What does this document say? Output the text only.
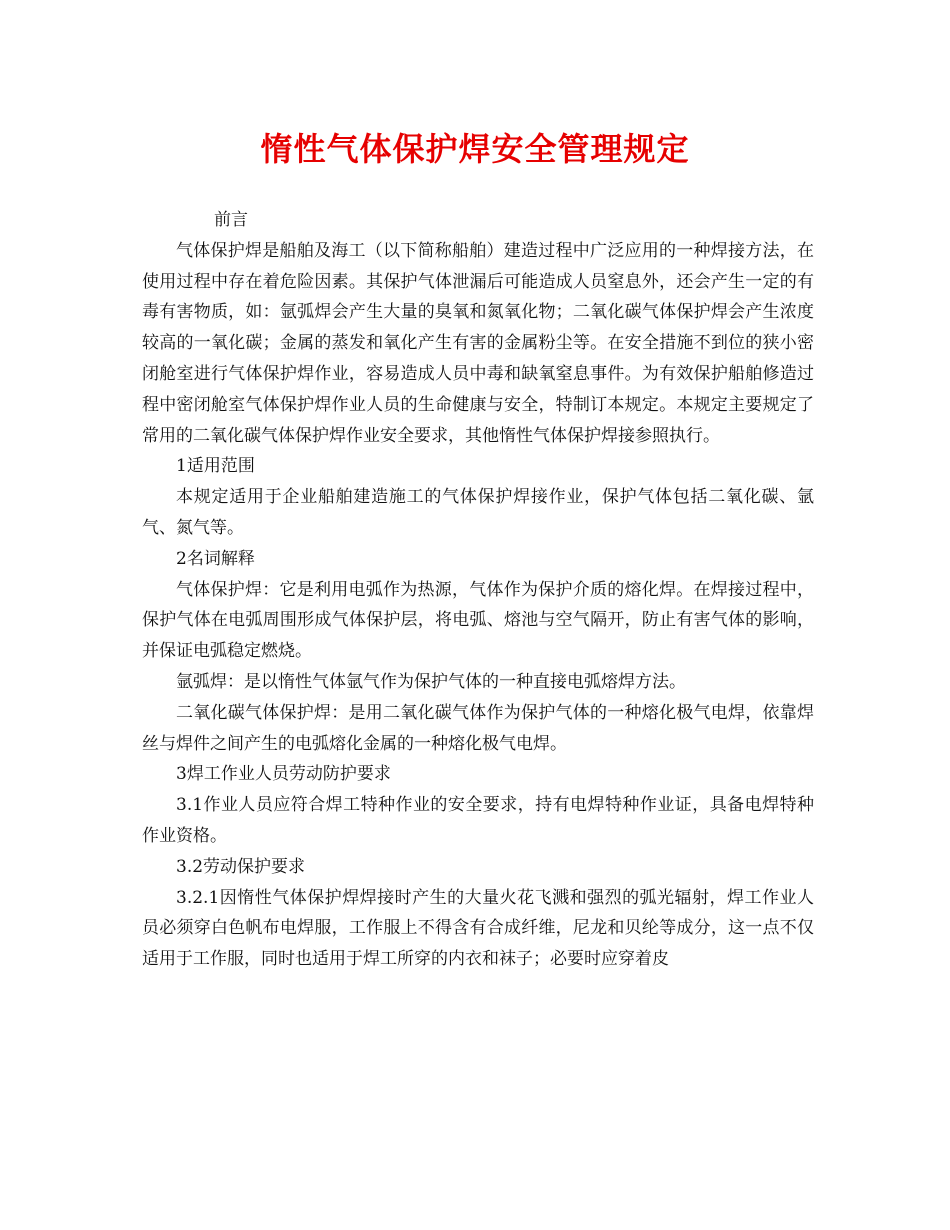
惰性气体保护焊安全管理规定

前言

气体保护焊是船舶及海工（以下简称船舶）建造过程中广泛应用的一种焊接方法，在使用过程中存在着危险因素。其保护气体泄漏后可能造成人员窒息外，还会产生一定的有毒有害物质，如：氩弧焊会产生大量的臭氧和氮氧化物；二氧化碳气体保护焊会产生浓度较高的一氧化碳；金属的蒸发和氧化产生有害的金属粉尘等。在安全措施不到位的狭小密闭舱室进行气体保护焊作业，容易造成人员中毒和缺氧窒息事件。为有效保护船舶修造过程中密闭舱室气体保护焊作业人员的生命健康与安全，特制订本规定。本规定主要规定了常用的二氧化碳气体保护焊作业安全要求，其他惰性气体保护焊接参照执行。

1适用范围

本规定适用于企业船舶建造施工的气体保护焊接作业，保护气体包括二氧化碳、氩气、氮气等。

2名词解释

气体保护焊：它是利用电弧作为热源，气体作为保护介质的熔化焊。在焊接过程中，保护气体在电弧周围形成气体保护层，将电弧、熔池与空气隔开，防止有害气体的影响，并保证电弧稳定燃烧。

氩弧焊：是以惰性气体氩气作为保护气体的一种直接电弧熔焊方法。

二氧化碳气体保护焊：是用二氧化碳气体作为保护气体的一种熔化极气电焊，依靠焊丝与焊件之间产生的电弧熔化金属的一种熔化极气电焊。

3焊工作业人员劳动防护要求

3.1作业人员应符合焊工特种作业的安全要求，持有电焊特种作业证，具备电焊特种作业资格。

3.2劳动保护要求

3.2.1因惰性气体保护焊焊接时产生的大量火花飞溅和强烈的弧光辐射，焊工作业人员必须穿白色帆布电焊服，工作服上不得含有合成纤维，尼龙和贝纶等成分，这一点不仅适用于工作服，同时也适用于焊工所穿的内衣和袜子；必要时应穿着皮
